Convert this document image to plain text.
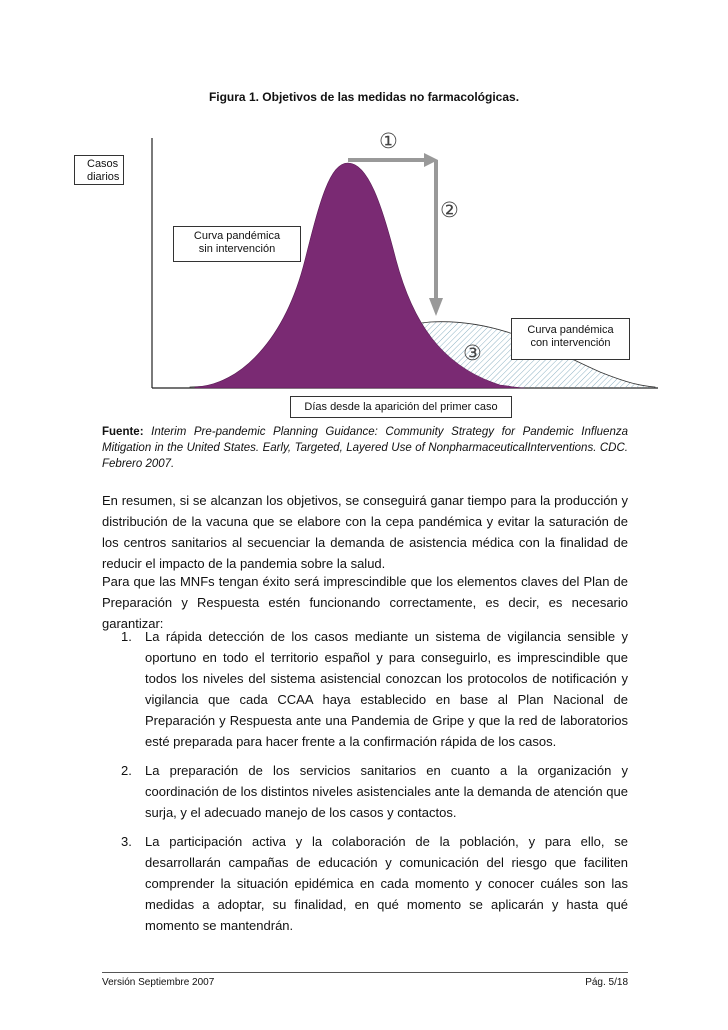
Figura 1. Objetivos de las medidas no farmacológicas.
Casos diarios
Curva pandémica
sin intervención
Curva pandémica
con intervención
Días desde la aparición del primer caso
①
②
③

Fuente: Interim Pre-pandemic Planning Guidance: Community Strategy for Pandemic Influenza Mitigation in the United States. Early, Targeted, Layered Use of NonpharmaceuticalInterventions. CDC. Febrero 2007.

En resumen, si se alcanzan los objetivos, se conseguirá ganar tiempo para la producción y distribución de la vacuna que se elabore con la cepa pandémica y evitar la saturación de los centros sanitarios al secuenciar la demanda de asistencia médica con la finalidad de reducir el impacto de la pandemia sobre la salud.

Para que las MNFs tengan éxito será imprescindible que los elementos claves del Plan de Preparación y Respuesta estén funcionando correctamente, es decir, es necesario garantizar:

1. La rápida detección de los casos mediante un sistema de vigilancia sensible y oportuno en todo el territorio español y para conseguirlo, es imprescindible que todos los niveles del sistema asistencial conozcan los protocolos de notificación y vigilancia que cada CCAA haya establecido en base al Plan Nacional de Preparación y Respuesta ante una Pandemia de Gripe y que la red de laboratorios esté preparada para hacer frente a la confirmación rápida de los casos.
2. La preparación de los servicios sanitarios en cuanto a la organización y coordinación de los distintos niveles asistenciales ante la demanda de atención que surja, y el adecuado manejo de los casos y contactos.
3. La participación activa y la colaboración de la población, y para ello, se desarrollarán campañas de educación y comunicación del riesgo que faciliten comprender la situación epidémica en cada momento y conocer cuáles son las medidas a adoptar, su finalidad, en qué momento se aplicarán y hasta qué momento se mantendrán.
Versión Septiembre 2007	Pág. 5/18
